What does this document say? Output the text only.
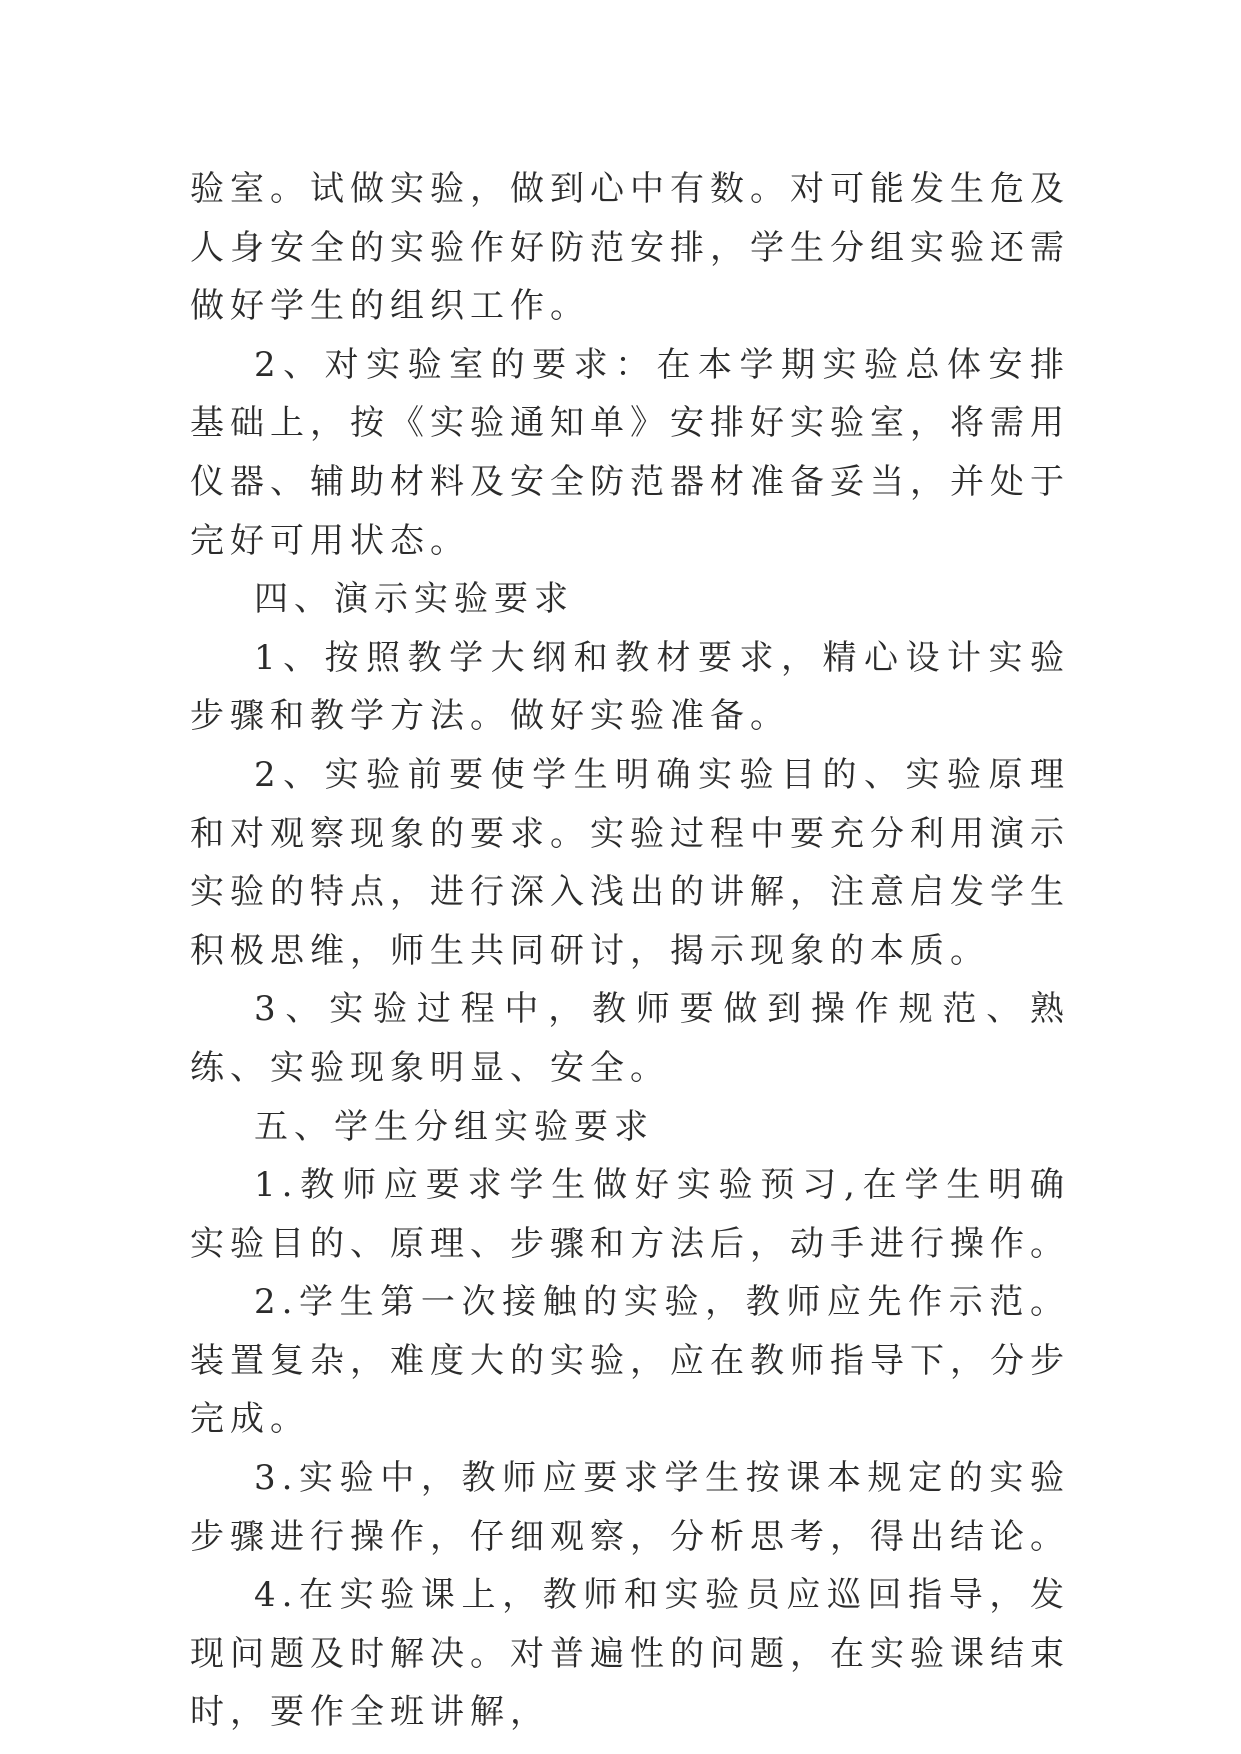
验室。试做实验，做到心中有数。对可能发生危及人身安全的实验作好防范安排，学生分组实验还需做好学生的组织工作。

2、对实验室的要求：在本学期实验总体安排基础上，按《实验通知单》安排好实验室，将需用仪器、辅助材料及安全防范器材准备妥当，并处于完好可用状态。

四、演示实验要求

1、按照教学大纲和教材要求，精心设计实验步骤和教学方法。做好实验准备。

2、实验前要使学生明确实验目的、实验原理和对观察现象的要求。实验过程中要充分利用演示实验的特点，进行深入浅出的讲解，注意启发学生积极思维，师生共同研讨，揭示现象的本质。

3、实验过程中，教师要做到操作规范、熟练、实验现象明显、安全。

五、学生分组实验要求

1.教师应要求学生做好实验预习,在学生明确实验目的、原理、步骤和方法后，动手进行操作。

2.学生第一次接触的实验，教师应先作示范。装置复杂，难度大的实验，应在教师指导下，分步完成。

3.实验中，教师应要求学生按课本规定的实验步骤进行操作，仔细观察，分析思考，得出结论。

4.在实验课上，教师和实验员应巡回指导，发现问题及时解决。对普遍性的问题，在实验课结束时，要作全班讲解，
